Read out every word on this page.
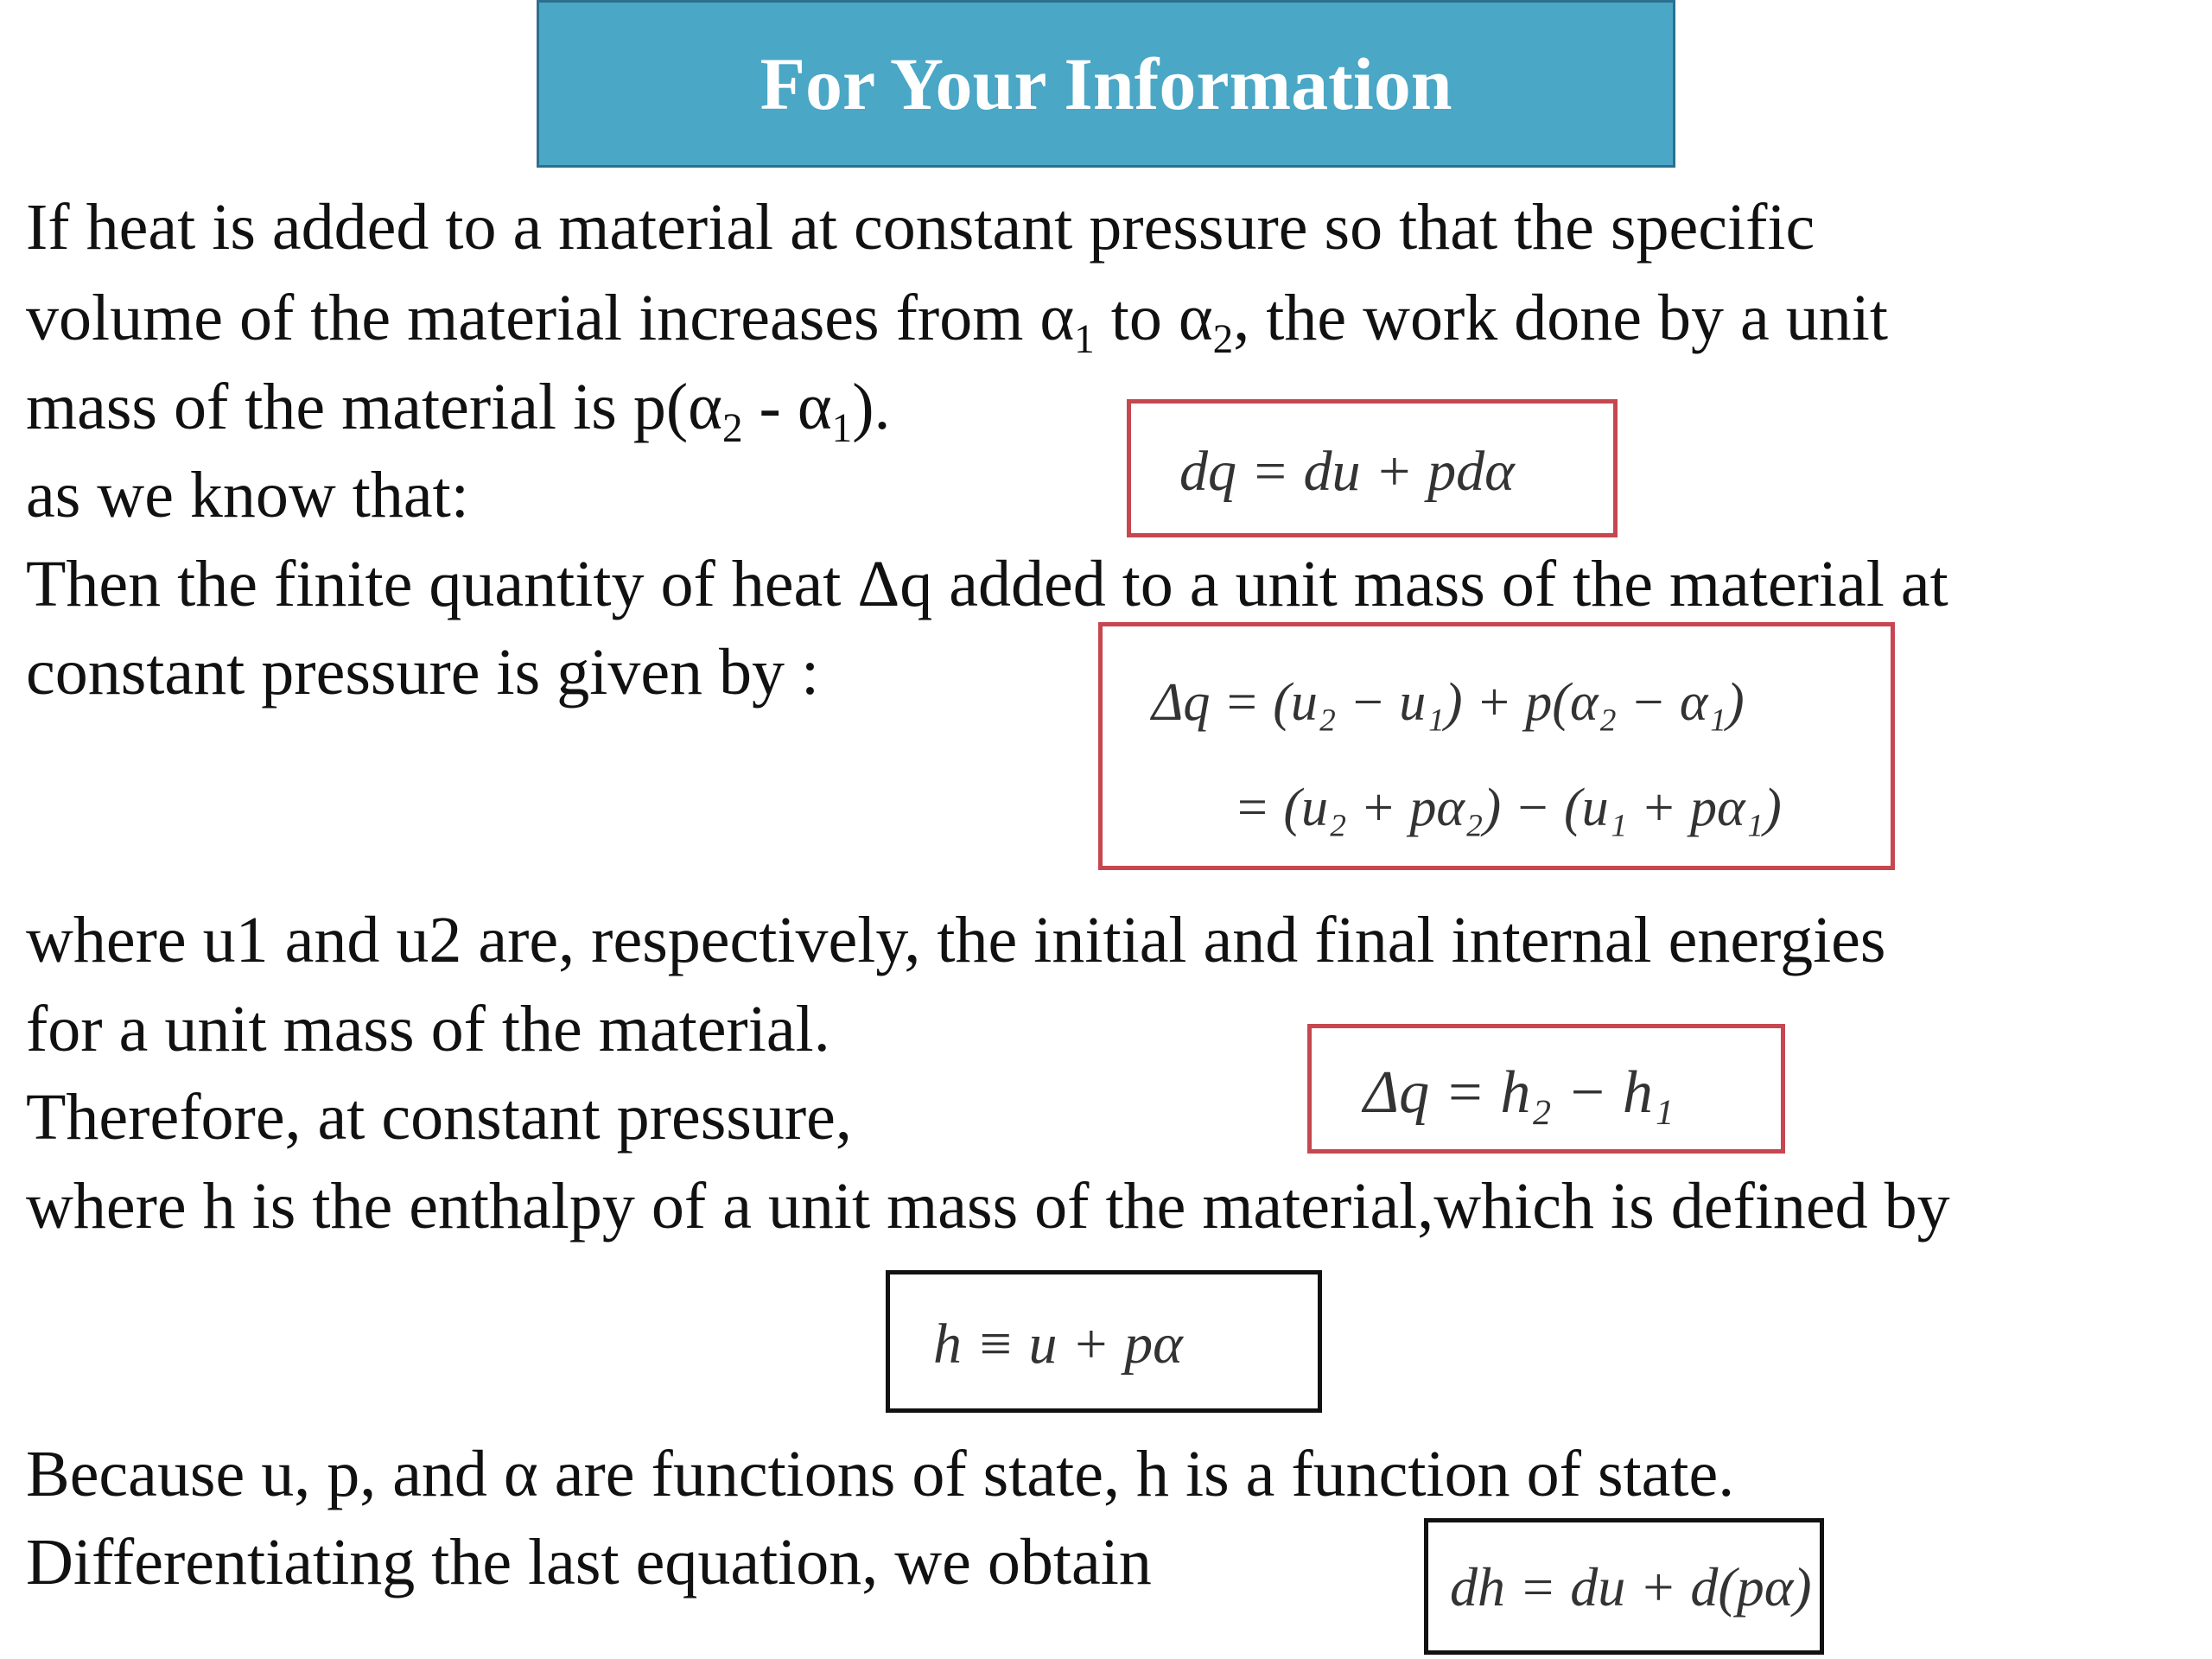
For Your Information
If heat is added to a material at constant pressure so that the specific
volume of the material increases from $\alpha_1$ to $\alpha_2$, the work done by a unit
mass of the material is $p(\alpha_2 - \alpha_1)$.
as we know that:
Then the finite quantity of heat Δq added to a unit mass of the material at
constant pressure is given by :
where u1 and u2 are, respectively, the initial and final internal energies
for a unit mass of the material.
Therefore, at constant pressure,
where h is the enthalpy of a unit mass of the material,which is defined by
Because u, p, and α are functions of state, h is a function of state.
Differentiating the last equation, we obtain
dq = du + pdα
Δq = (u₂ − u₁) + p(α₂ − α₁)
= (u₂ + pα₂) − (u₁ + pα₁)
Δq = h₂ − h₁
h ≡ u + pα
dh = du + d(pα)
